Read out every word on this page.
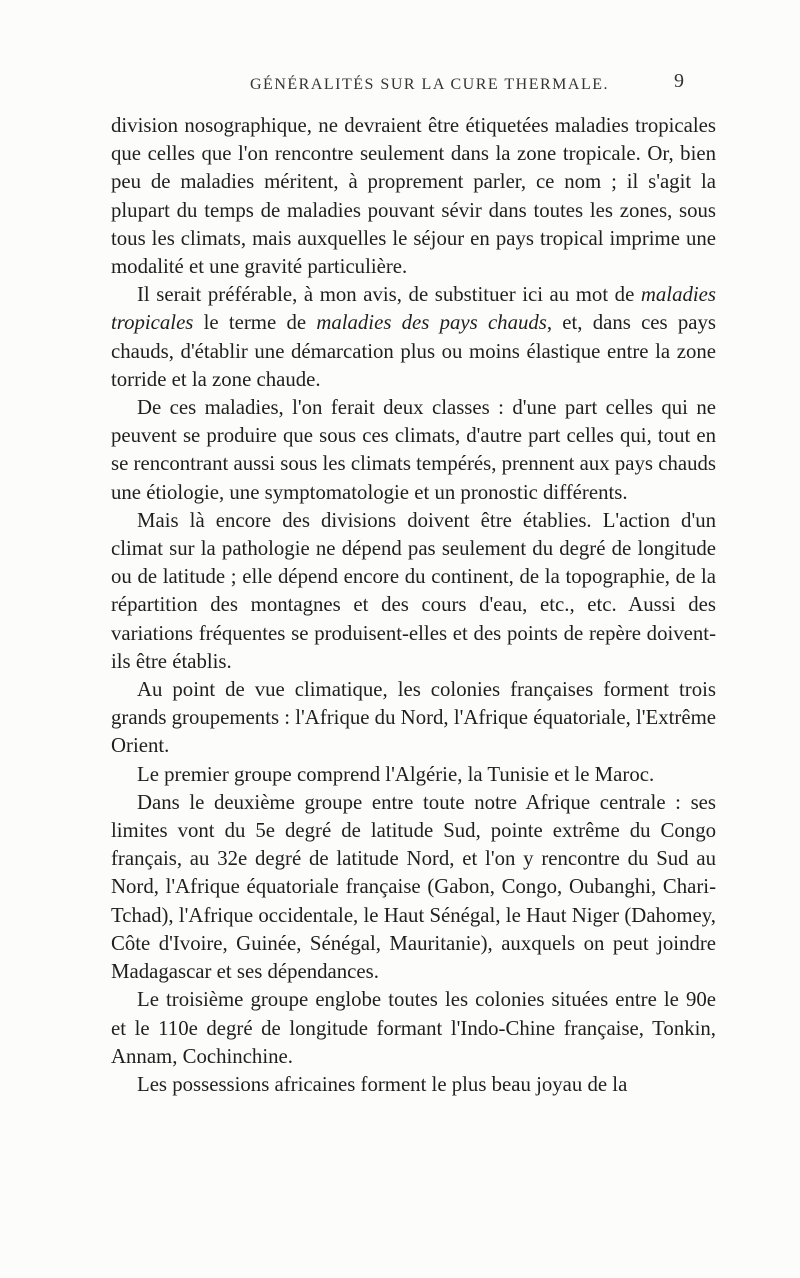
GÉNÉRALITÉS SUR LA CURE THERMALE.	9

division nosographique, ne devraient être étiquetées maladies tropicales que celles que l'on rencontre seulement dans la zone tropicale. Or, bien peu de maladies méritent, à proprement parler, ce nom ; il s'agit la plupart du temps de maladies pouvant sévir dans toutes les zones, sous tous les climats, mais auxquelles le séjour en pays tropical imprime une modalité et une gravité particulière.

Il serait préférable, à mon avis, de substituer ici au mot de maladies tropicales le terme de maladies des pays chauds, et, dans ces pays chauds, d'établir une démarcation plus ou moins élastique entre la zone torride et la zone chaude.

De ces maladies, l'on ferait deux classes : d'une part celles qui ne peuvent se produire que sous ces climats, d'autre part celles qui, tout en se rencontrant aussi sous les climats tempérés, prennent aux pays chauds une étiologie, une symptomatologie et un pronostic différents.

Mais là encore des divisions doivent être établies. L'action d'un climat sur la pathologie ne dépend pas seulement du degré de longitude ou de latitude ; elle dépend encore du continent, de la topographie, de la répartition des montagnes et des cours d'eau, etc., etc. Aussi des variations fréquentes se produisent-elles et des points de repère doivent-ils être établis.

Au point de vue climatique, les colonies françaises forment trois grands groupements : l'Afrique du Nord, l'Afrique équatoriale, l'Extrême Orient.

Le premier groupe comprend l'Algérie, la Tunisie et le Maroc.

Dans le deuxième groupe entre toute notre Afrique centrale : ses limites vont du 5e degré de latitude Sud, pointe extrême du Congo français, au 32e degré de latitude Nord, et l'on y rencontre du Sud au Nord, l'Afrique équatoriale française (Gabon, Congo, Oubanghi, Chari-Tchad), l'Afrique occidentale, le Haut Sénégal, le Haut Niger (Dahomey, Côte d'Ivoire, Guinée, Sénégal, Mauritanie), auxquels on peut joindre Madagascar et ses dépendances.

Le troisième groupe englobe toutes les colonies situées entre le 90e et le 110e degré de longitude formant l'Indo-Chine française, Tonkin, Annam, Cochinchine.

Les possessions africaines forment le plus beau joyau de la
